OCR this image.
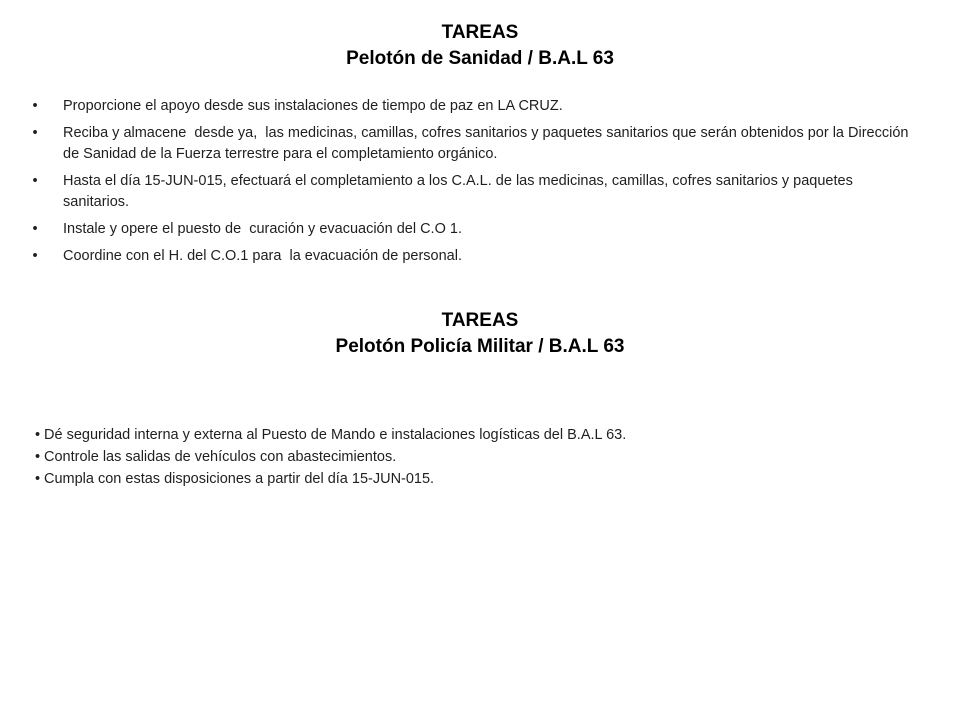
TAREAS
Pelotón de Sanidad / B.A.L 63
• Proporcione el apoyo desde sus instalaciones de tiempo de paz en LA CRUZ.
• Reciba y almacene  desde ya,  las medicinas, camillas, cofres sanitarios y paquetes sanitarios que serán obtenidos por la Dirección de Sanidad de la Fuerza terrestre para el completamiento orgánico.
• Hasta el día 15-JUN-015, efectuará el completamiento a los C.A.L. de las medicinas, camillas, cofres sanitarios y paquetes sanitarios.
• Instale y opere el puesto de  curación y evacuación del C.O 1.
• Coordine con el H. del C.O.1 para  la evacuación de personal.
TAREAS
Pelotón Policía Militar / B.A.L 63
• Dé seguridad interna y externa al Puesto de Mando e instalaciones logísticas del B.A.L 63.
• Controle las salidas de vehículos con abastecimientos.
• Cumpla con estas disposiciones a partir del día 15-JUN-015.
